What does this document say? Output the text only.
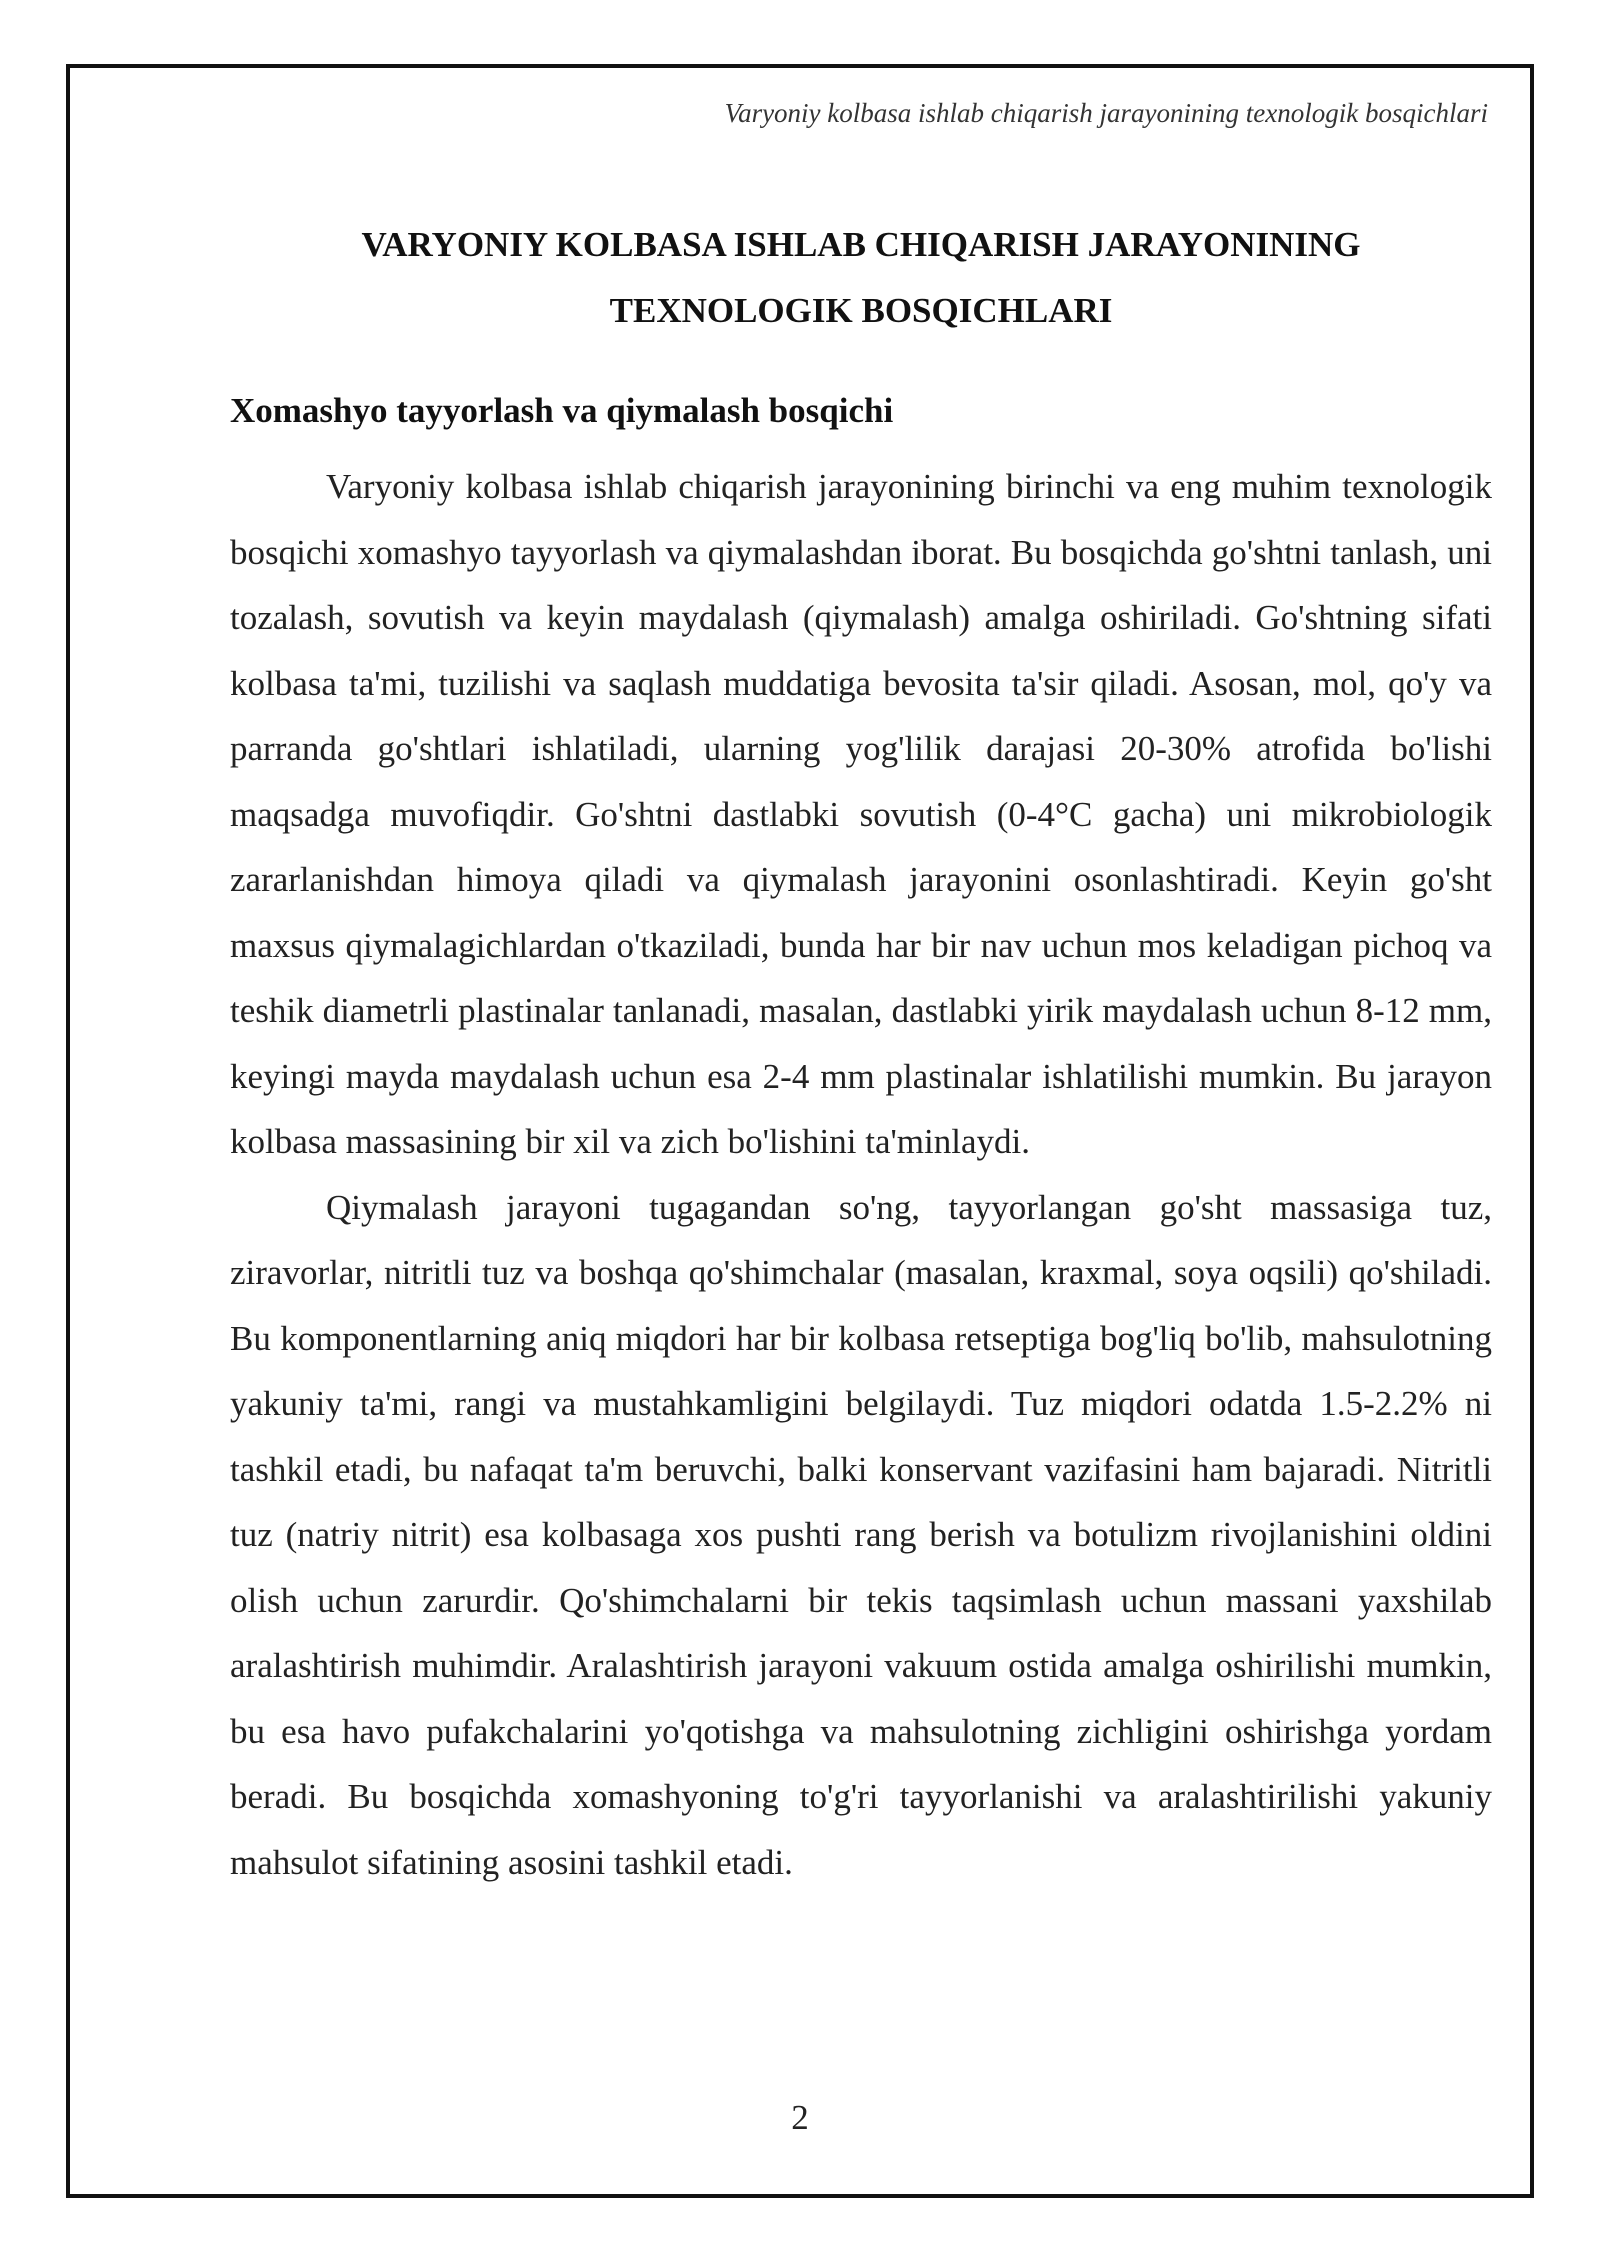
Varyoniy kolbasa ishlab chiqarish jarayonining texnologik bosqichlari
VARYONIY KOLBASA ISHLAB CHIQARISH JARAYONINING
TEXNOLOGIK BOSQICHLARI
Xomashyo tayyorlash va qiymalash bosqichi

Varyoniy kolbasa ishlab chiqarish jarayonining birinchi va eng muhim texnologik bosqichi xomashyo tayyorlash va qiymalashdan iborat. Bu bosqichda go'shtni tanlash, uni tozalash, sovutish va keyin maydalash (qiymalash) amalga oshiriladi. Go'shtning sifati kolbasa ta'mi, tuzilishi va saqlash muddatiga bevosita ta'sir qiladi. Asosan, mol, qo'y va parranda go'shtlari ishlatiladi, ularning yog'lilik darajasi 20-30% atrofida bo'lishi maqsadga muvofiqdir. Go'shtni dastlabki sovutish (0-4°C gacha) uni mikrobiologik zararlanishdan himoya qiladi va qiymalash jarayonini osonlashtiradi. Keyin go'sht maxsus qiymalagichlardan o'tkaziladi, bunda har bir nav uchun mos keladigan pichoq va teshik diametrli plastinalar tanlanadi, masalan, dastlabki yirik maydalash uchun 8-12 mm, keyingi mayda maydalash uchun esa 2-4 mm plastinalar ishlatilishi mumkin. Bu jarayon kolbasa massasining bir xil va zich bo'lishini ta'minlaydi.

Qiymalash jarayoni tugagandan so'ng, tayyorlangan go'sht massasiga tuz, ziravorlar, nitritli tuz va boshqa qo'shimchalar (masalan, kraxmal, soya oqsili) qo'shiladi. Bu komponentlarning aniq miqdori har bir kolbasa retseptiga bog'liq bo'lib, mahsulotning yakuniy ta'mi, rangi va mustahkamligini belgilaydi. Tuz miqdori odatda 1.5-2.2% ni tashkil etadi, bu nafaqat ta'm beruvchi, balki konservant vazifasini ham bajaradi. Nitritli tuz (natriy nitrit) esa kolbasaga xos pushti rang berish va botulizm rivojlanishini oldini olish uchun zarurdir. Qo'shimchalarni bir tekis taqsimlash uchun massani yaxshilab aralashtirish muhimdir. Aralashtirish jarayoni vakuum ostida amalga oshirilishi mumkin, bu esa havo pufakchalarini yo'qotishga va mahsulotning zichligini oshirishga yordam beradi. Bu bosqichda xomashyoning to'g'ri tayyorlanishi va aralashtirilishi yakuniy mahsulot sifatining asosini tashkil etadi.

2
